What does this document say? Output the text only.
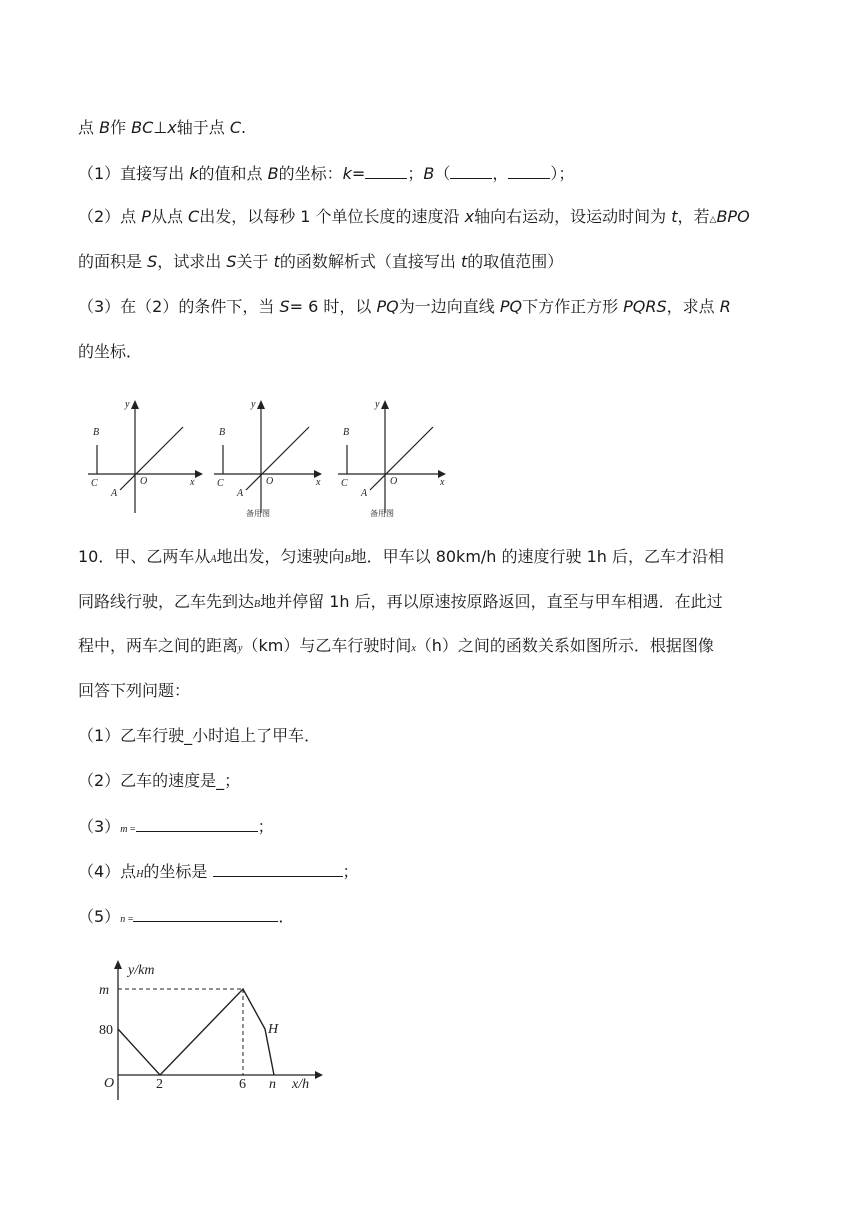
点 B作 BC⊥x轴于点 C.
（1）直接写出 k的值和点 B的坐标：k=	；B（	，	）；
（2）点 P从点 C出发，以每秒 1 个单位长度的速度沿 x轴向右运动，设运动时间为 t，若△BPO
的面积是 S，试求出 S关于 t的函数解析式（直接写出 t的取值范围）
（3）在（2）的条件下，当 S= 6 时，以 PQ为一边向直线 PQ下方作正方形 PQRS，求点 R
的坐标．
y
B
C
A
O	x
y
B
C
A
O	x
y
B
C
A
O	x
备用图	备用图
10．甲、乙两车从A地出发，匀速驶向B地．甲车以 80km/h 的速度行驶 1h 后，乙车才沿相
同路线行驶，乙车先到达B地并停留 1h 后，再以原速按原路返回，直至与甲车相遇．在此过
程中，两车之间的距离y（km）与乙车行驶时间x（h）之间的函数关系如图所示．根据图像
回答下列问题：
（1）乙车行驶_小时追上了甲车．
（2）乙车的速度是_；
（3）m =	；
（4）点H的坐标是	；
（5）n =	．
y/km
m
80
O	2	6 n x/h
H
